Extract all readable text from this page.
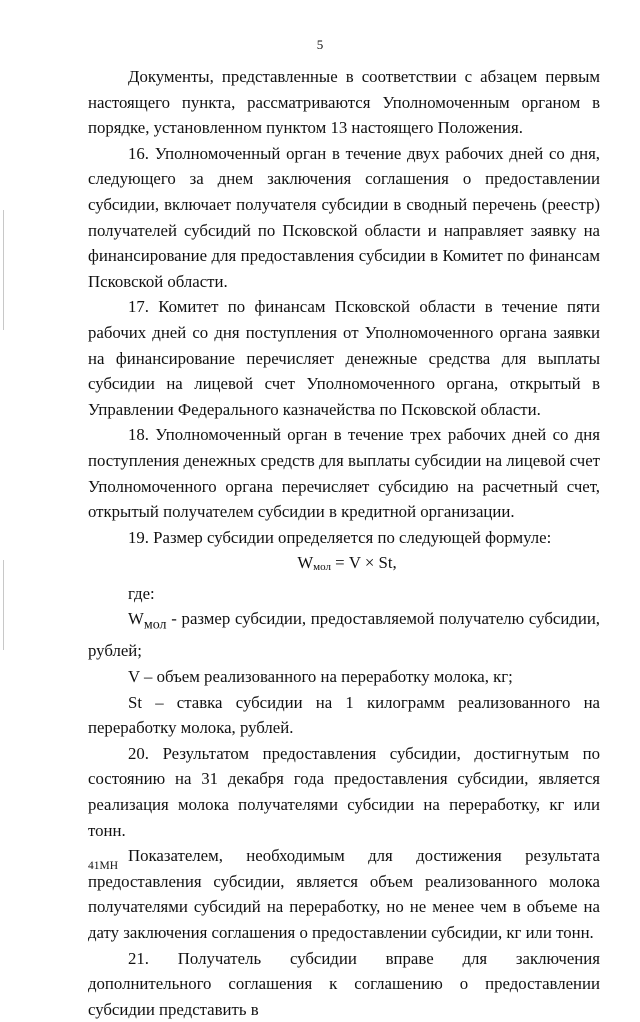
5

Документы, представленные в соответствии с абзацем первым настоящего пункта, рассматриваются Уполномоченным органом в порядке, установленном пунктом 13 настоящего Положения.

16. Уполномоченный орган в течение двух рабочих дней со дня, следующего за днем заключения соглашения о предоставлении субсидии, включает получателя субсидии в сводный перечень (реестр) получателей субсидий по Псковской области и направляет заявку на финансирование для предоставления субсидии в Комитет по финансам Псковской области.

17. Комитет по финансам Псковской области в течение пяти рабочих дней со дня поступления от Уполномоченного органа заявки на финансирование перечисляет денежные средства для выплаты субсидии на лицевой счет Уполномоченного органа, открытый в Управлении Федерального казначейства по Псковской области.

18. Уполномоченный орган в течение трех рабочих дней со дня поступления денежных средств для выплаты субсидии на лицевой счет Уполномоченного органа перечисляет субсидию на расчетный счет, открытый получателем субсидии в кредитной организации.

19. Размер субсидии определяется по следующей формуле:

$W_{мол} = V \times St$,

где:

$W_{мол}$ - размер субсидии, предоставляемой получателю субсидии, рублей;

V – объем реализованного на переработку молока, кг;

St – ставка субсидии на 1 килограмм реализованного на переработку молока, рублей.

20. Результатом предоставления субсидии, достигнутым по состоянию на 31 декабря года предоставления субсидии, является реализация молока получателями субсидии на переработку, кг или тонн.

Показателем, необходимым для достижения результата предоставления субсидии, является объем реализованного молока получателями субсидий на переработку, но не менее чем в объеме на дату заключения соглашения о предоставлении субсидии, кг или тонн.

21. Получатель субсидии вправе для заключения дополнительного соглашения к соглашению о предоставлении субсидии представить в

41МН
